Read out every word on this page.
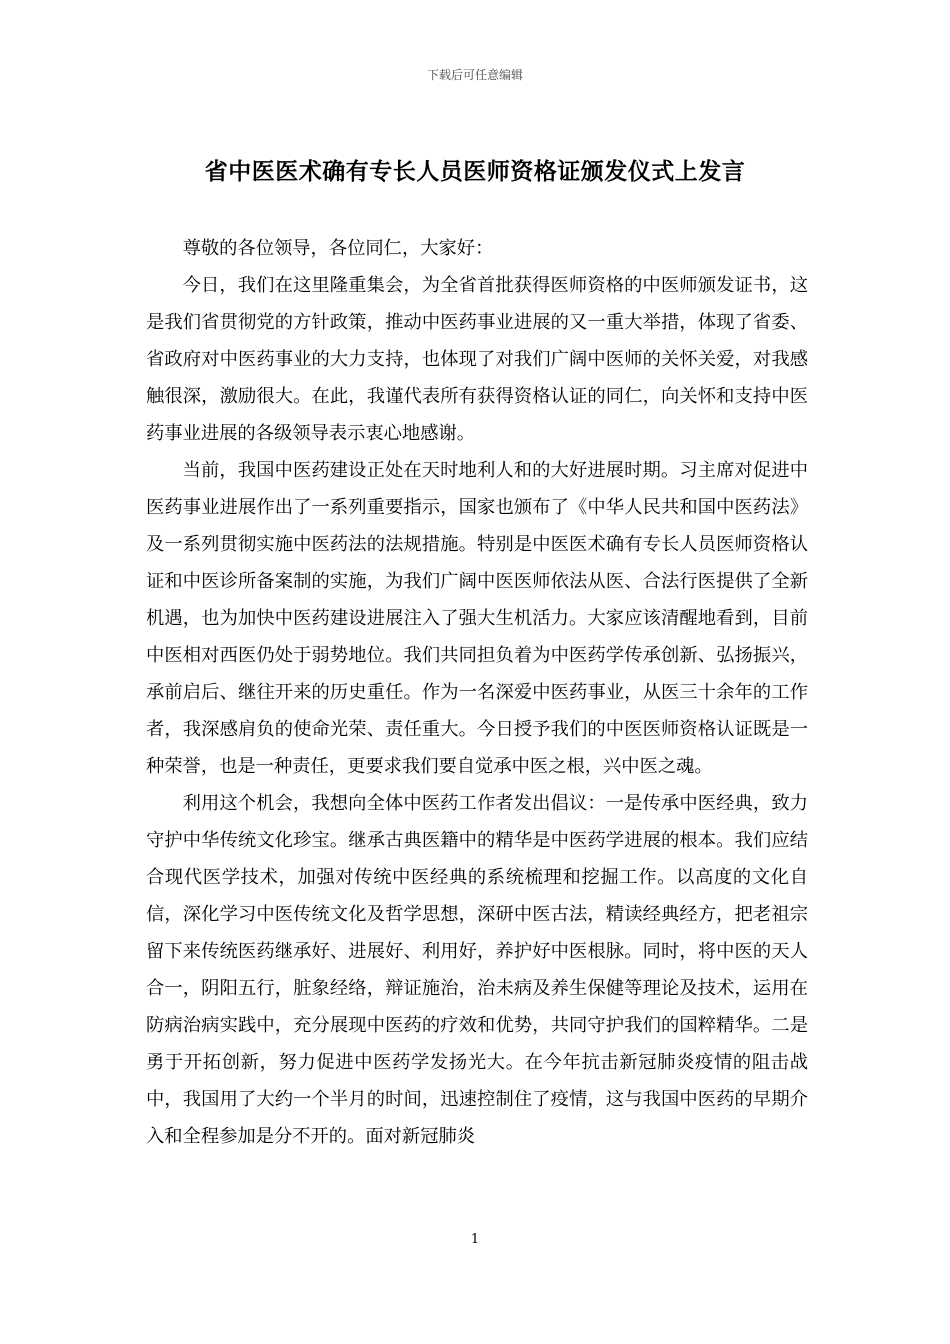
下载后可任意编辑
省中医医术确有专长人员医师资格证颁发仪式上发言

尊敬的各位领导，各位同仁，大家好：

今日，我们在这里隆重集会，为全省首批获得医师资格的中医师颁发证书，这是我们省贯彻党的方针政策，推动中医药事业进展的又一重大举措，体现了省委、省政府对中医药事业的大力支持，也体现了对我们广阔中医师的关怀关爱，对我感触很深，激励很大。在此，我谨代表所有获得资格认证的同仁，向关怀和支持中医药事业进展的各级领导表示衷心地感谢。

当前，我国中医药建设正处在天时地利人和的大好进展时期。习主席对促进中医药事业进展作出了一系列重要指示，国家也颁布了《中华人民共和国中医药法》及一系列贯彻实施中医药法的法规措施。特别是中医医术确有专长人员医师资格认证和中医诊所备案制的实施，为我们广阔中医医师依法从医、合法行医提供了全新机遇，也为加快中医药建设进展注入了强大生机活力。大家应该清醒地看到，目前中医相对西医仍处于弱势地位。我们共同担负着为中医药学传承创新、弘扬振兴，承前启后、继往开来的历史重任。作为一名深爱中医药事业，从医三十余年的工作者，我深感肩负的使命光荣、责任重大。今日授予我们的中医医师资格认证既是一种荣誉，也是一种责任，更要求我们要自觉承中医之根，兴中医之魂。

利用这个机会，我想向全体中医药工作者发出倡议：一是传承中医经典，致力守护中华传统文化珍宝。继承古典医籍中的精华是中医药学进展的根本。我们应结合现代医学技术，加强对传统中医经典的系统梳理和挖掘工作。以高度的文化自信，深化学习中医传统文化及哲学思想，深研中医古法，精读经典经方，把老祖宗留下来传统医药继承好、进展好、利用好，养护好中医根脉。同时，将中医的天人合一，阴阳五行，脏象经络，辩证施治，治未病及养生保健等理论及技术，运用在防病治病实践中，充分展现中医药的疗效和优势，共同守护我们的国粹精华。二是勇于开拓创新，努力促进中医药学发扬光大。在今年抗击新冠肺炎疫情的阻击战中，我国用了大约一个半月的时间，迅速控制住了疫情，这与我国中医药的早期介入和全程参加是分不开的。面对新冠肺炎

1
